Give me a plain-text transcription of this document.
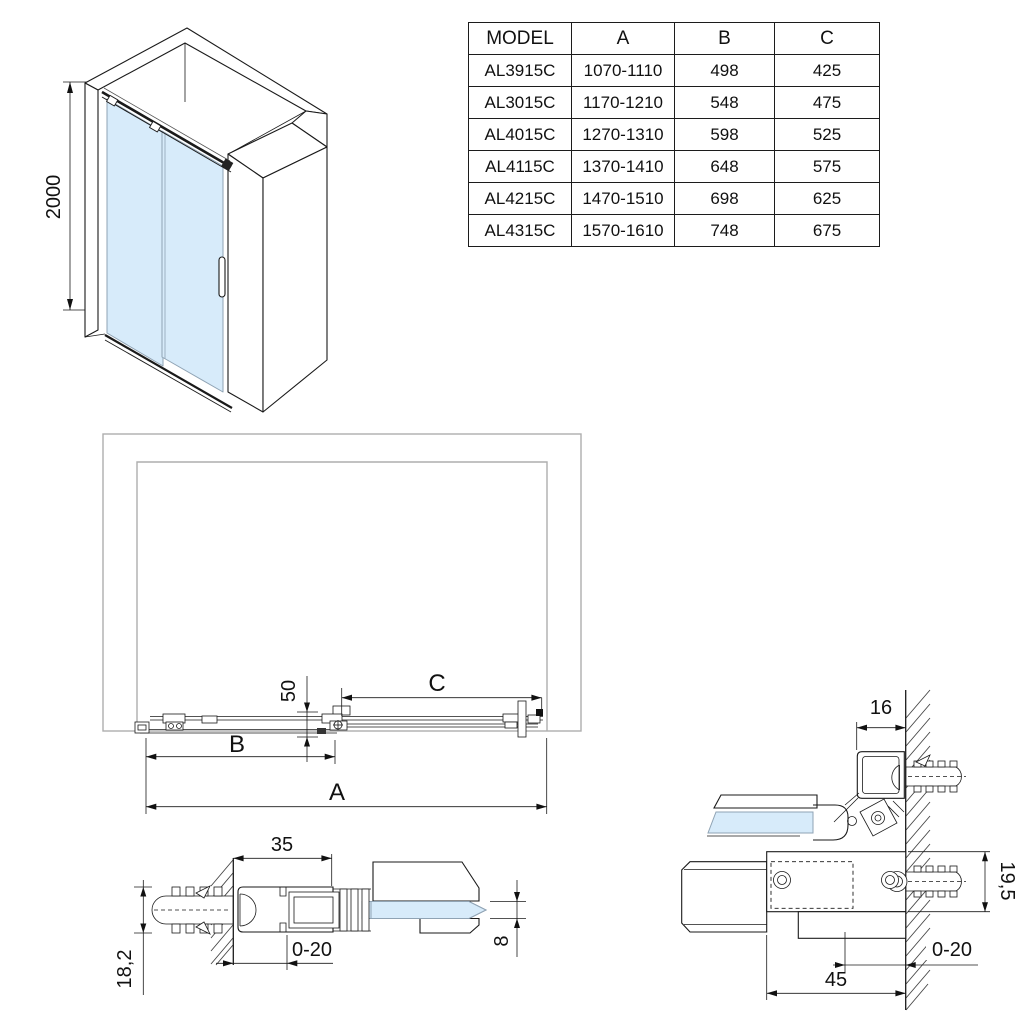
2000
C
50
B
A
18,2
35
0-20	8
16
19,5
0-20
45
MODEL	A	B	C
AL3915C	1070-1110	498	425
AL3015C	1170-1210	548	475
AL4015C	1270-1310	598	525
AL4115C	1370-1410	648	575
AL4215C	1470-1510	698	625
AL4315C	1570-1610	748	675
